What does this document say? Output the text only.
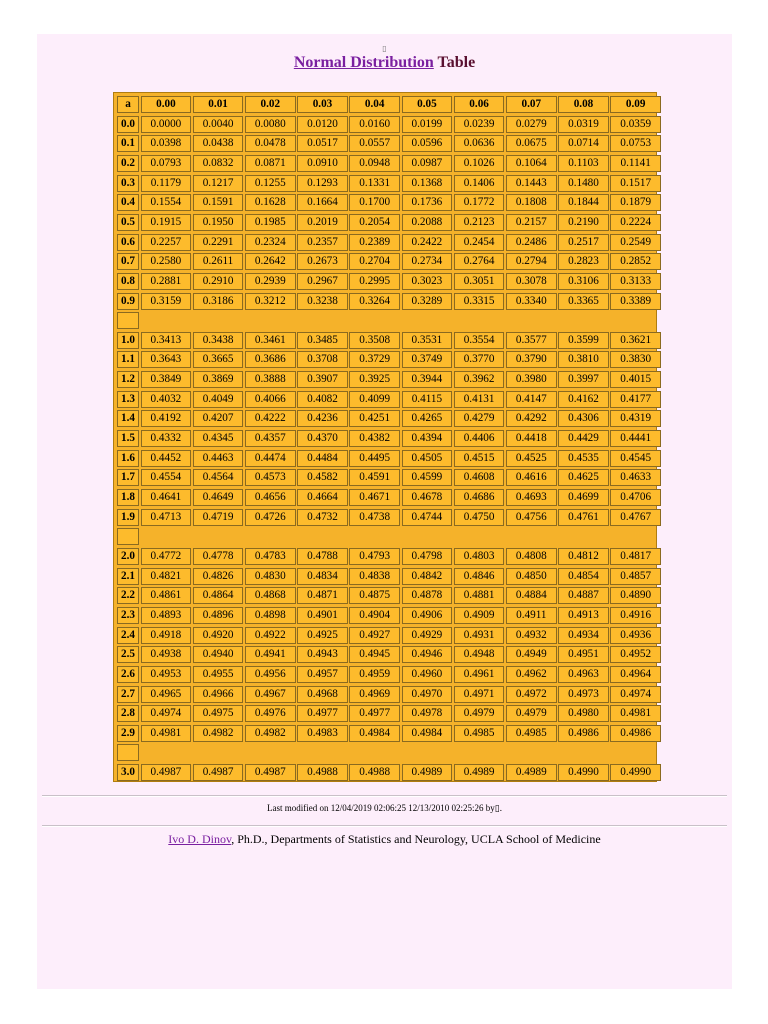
▯
Normal Distribution Table
a	0.00	0.01	0.02	0.03	0.04	0.05	0.06	0.07	0.08	0.09
0.0	0.0000	0.0040	0.0080	0.0120	0.0160	0.0199	0.0239	0.0279	0.0319	0.0359
0.1	0.0398	0.0438	0.0478	0.0517	0.0557	0.0596	0.0636	0.0675	0.0714	0.0753
0.2	0.0793	0.0832	0.0871	0.0910	0.0948	0.0987	0.1026	0.1064	0.1103	0.1141
0.3	0.1179	0.1217	0.1255	0.1293	0.1331	0.1368	0.1406	0.1443	0.1480	0.1517
0.4	0.1554	0.1591	0.1628	0.1664	0.1700	0.1736	0.1772	0.1808	0.1844	0.1879
0.5	0.1915	0.1950	0.1985	0.2019	0.2054	0.2088	0.2123	0.2157	0.2190	0.2224
0.6	0.2257	0.2291	0.2324	0.2357	0.2389	0.2422	0.2454	0.2486	0.2517	0.2549
0.7	0.2580	0.2611	0.2642	0.2673	0.2704	0.2734	0.2764	0.2794	0.2823	0.2852
0.8	0.2881	0.2910	0.2939	0.2967	0.2995	0.3023	0.3051	0.3078	0.3106	0.3133
0.9	0.3159	0.3186	0.3212	0.3238	0.3264	0.3289	0.3315	0.3340	0.3365	0.3389
1.0	0.3413	0.3438	0.3461	0.3485	0.3508	0.3531	0.3554	0.3577	0.3599	0.3621
1.1	0.3643	0.3665	0.3686	0.3708	0.3729	0.3749	0.3770	0.3790	0.3810	0.3830
1.2	0.3849	0.3869	0.3888	0.3907	0.3925	0.3944	0.3962	0.3980	0.3997	0.4015
1.3	0.4032	0.4049	0.4066	0.4082	0.4099	0.4115	0.4131	0.4147	0.4162	0.4177
1.4	0.4192	0.4207	0.4222	0.4236	0.4251	0.4265	0.4279	0.4292	0.4306	0.4319
1.5	0.4332	0.4345	0.4357	0.4370	0.4382	0.4394	0.4406	0.4418	0.4429	0.4441
1.6	0.4452	0.4463	0.4474	0.4484	0.4495	0.4505	0.4515	0.4525	0.4535	0.4545
1.7	0.4554	0.4564	0.4573	0.4582	0.4591	0.4599	0.4608	0.4616	0.4625	0.4633
1.8	0.4641	0.4649	0.4656	0.4664	0.4671	0.4678	0.4686	0.4693	0.4699	0.4706
1.9	0.4713	0.4719	0.4726	0.4732	0.4738	0.4744	0.4750	0.4756	0.4761	0.4767
2.0	0.4772	0.4778	0.4783	0.4788	0.4793	0.4798	0.4803	0.4808	0.4812	0.4817
2.1	0.4821	0.4826	0.4830	0.4834	0.4838	0.4842	0.4846	0.4850	0.4854	0.4857
2.2	0.4861	0.4864	0.4868	0.4871	0.4875	0.4878	0.4881	0.4884	0.4887	0.4890
2.3	0.4893	0.4896	0.4898	0.4901	0.4904	0.4906	0.4909	0.4911	0.4913	0.4916
2.4	0.4918	0.4920	0.4922	0.4925	0.4927	0.4929	0.4931	0.4932	0.4934	0.4936
2.5	0.4938	0.4940	0.4941	0.4943	0.4945	0.4946	0.4948	0.4949	0.4951	0.4952
2.6	0.4953	0.4955	0.4956	0.4957	0.4959	0.4960	0.4961	0.4962	0.4963	0.4964
2.7	0.4965	0.4966	0.4967	0.4968	0.4969	0.4970	0.4971	0.4972	0.4973	0.4974
2.8	0.4974	0.4975	0.4976	0.4977	0.4977	0.4978	0.4979	0.4979	0.4980	0.4981
2.9	0.4981	0.4982	0.4982	0.4983	0.4984	0.4984	0.4985	0.4985	0.4986	0.4986
3.0	0.4987	0.4987	0.4987	0.4988	0.4988	0.4989	0.4989	0.4989	0.4990	0.4990
Last modified on 12/04/2019 02:06:25 12/13/2010 02:25:26 by▯.
Ivo D. Dinov, Ph.D., Departments of Statistics and Neurology, UCLA School of Medicine
